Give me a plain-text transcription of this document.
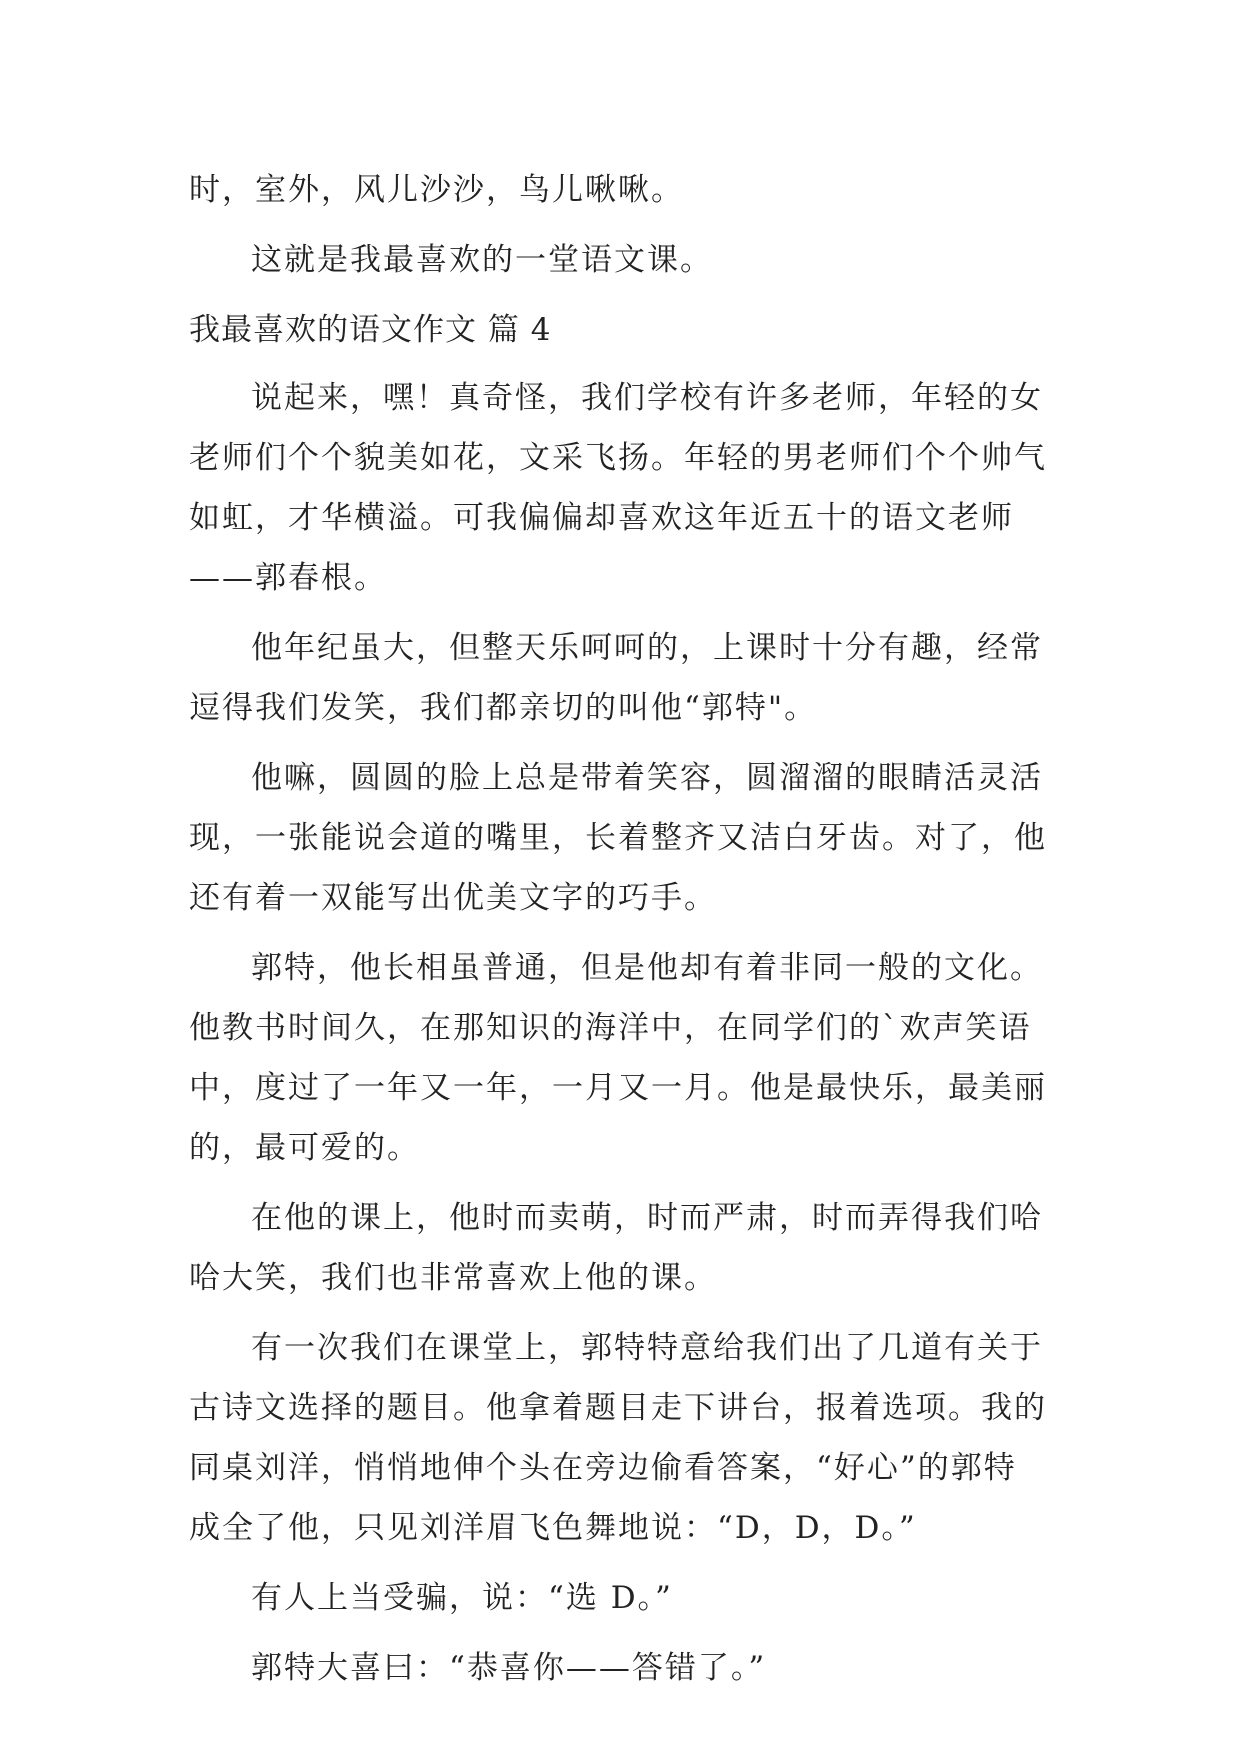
时，室外，风儿沙沙，鸟儿啾啾。

这就是我最喜欢的一堂语文课。

我最喜欢的语文作文 篇 4

说起来，嘿！真奇怪，我们学校有许多老师，年轻的女
老师们个个貌美如花，文采飞扬。年轻的男老师们个个帅气
如虹，才华横溢。可我偏偏却喜欢这年近五十的语文老师
——郭春根。

他年纪虽大，但整天乐呵呵的，上课时十分有趣，经常
逗得我们发笑，我们都亲切的叫他“郭特"。

他嘛，圆圆的脸上总是带着笑容，圆溜溜的眼睛活灵活
现，一张能说会道的嘴里，长着整齐又洁白牙齿。对了，他
还有着一双能写出优美文字的巧手。

郭特，他长相虽普通，但是他却有着非同一般的文化。
他教书时间久，在那知识的海洋中，在同学们的`欢声笑语
中，度过了一年又一年，一月又一月。他是最快乐，最美丽
的，最可爱的。

在他的课上，他时而卖萌，时而严肃，时而弄得我们哈
哈大笑，我们也非常喜欢上他的课。

有一次我们在课堂上，郭特特意给我们出了几道有关于
古诗文选择的题目。他拿着题目走下讲台，报着选项。我的
同桌刘洋，悄悄地伸个头在旁边偷看答案，“好心”的郭特
成全了他，只见刘洋眉飞色舞地说：“D，D，D。”

有人上当受骗，说：“选 D。”

郭特大喜曰：“恭喜你——答错了。”
